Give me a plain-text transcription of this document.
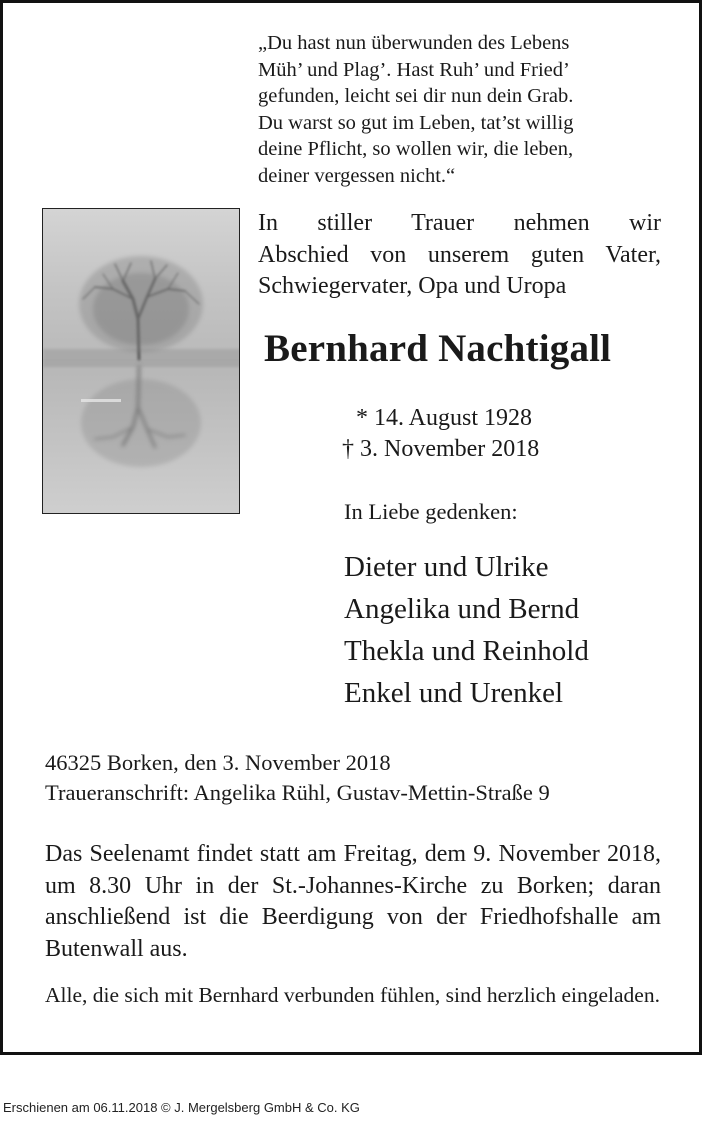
„Du hast nun überwunden des Lebens
Müh’ und Plag’. Hast Ruh’ und Fried’
gefunden, leicht sei dir nun dein Grab.
Du warst so gut im Leben, tat’st willig
deine Pflicht, so wollen wir, die leben,
deiner vergessen nicht.“
In stiller Trauer nehmen wir
Abschied von unserem guten Vater,
Schwiegervater, Opa und Uropa
Bernhard Nachtigall
* 14. August 1928
† 3. November 2018
In Liebe gedenken:
Dieter und Ulrike
Angelika und Bernd
Thekla und Reinhold
Enkel und Urenkel
46325 Borken, den 3. November 2018
Traueranschrift: Angelika Rühl, Gustav-Mettin-Straße 9
Das Seelenamt findet statt am Freitag, dem 9. November 2018, um 8.30 Uhr in der St.-Johannes-Kirche zu Borken; daran anschließend ist die Beerdigung von der Friedhofshalle am Butenwall aus.
Alle, die sich mit Bernhard verbunden fühlen, sind herzlich eingeladen.
Erschienen am 06.11.2018 © J. Mergelsberg GmbH & Co. KG
